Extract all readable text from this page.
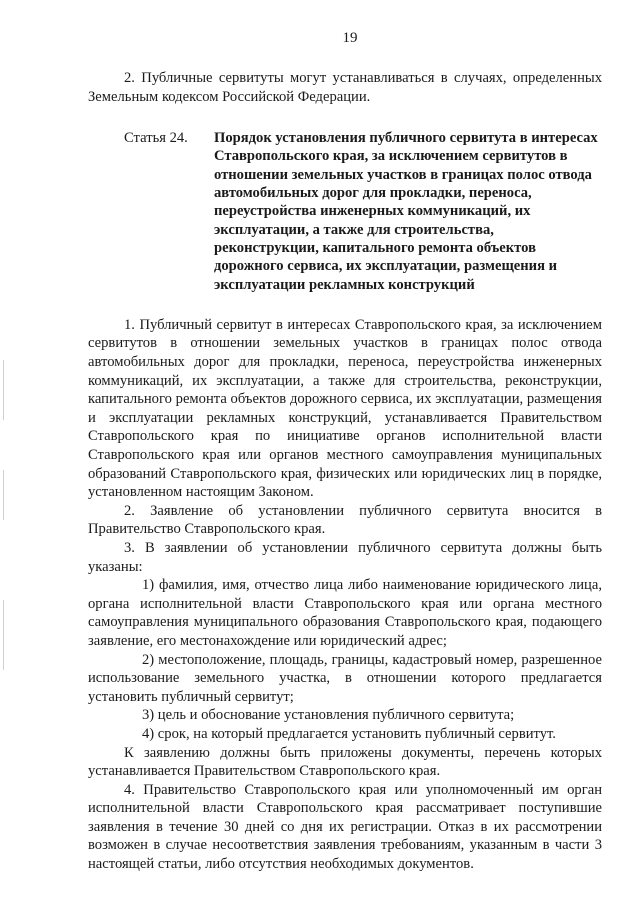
19

2. Публичные сервитуты могут устанавливаться в случаях, определенных Земельным кодексом Российской Федерации.

Статья 24.	Порядок установления публичного сервитута в интересах Ставропольского края, за исключением сервитутов в отношении земельных участков в границах полос отвода автомобильных дорог для прокладки, переноса, переустройства инженерных коммуникаций, их эксплуатации, а также для строительства, реконструкции, капитального ремонта объектов дорожного сервиса, их эксплуатации, размещения и эксплуатации рекламных конструкций

1. Публичный сервитут в интересах Ставропольского края, за исключением сервитутов в отношении земельных участков в границах полос отвода автомобильных дорог для прокладки, переноса, переустройства инженерных коммуникаций, их эксплуатации, а также для строительства, реконструкции, капитального ремонта объектов дорожного сервиса, их эксплуатации, размещения и эксплуатации рекламных конструкций, устанавливается Правительством Ставропольского края по инициативе органов исполнительной власти Ставропольского края или органов местного самоуправления муниципальных образований Ставропольского края, физических или юридических лиц в порядке, установленном настоящим Законом.

2. Заявление об установлении публичного сервитута вносится в Правительство Ставропольского края.

3. В заявлении об установлении публичного сервитута должны быть указаны:

1) фамилия, имя, отчество лица либо наименование юридического лица, органа исполнительной власти Ставропольского края или органа местного самоуправления муниципального образования Ставропольского края, подающего заявление, его местонахождение или юридический адрес;

2) местоположение, площадь, границы, кадастровый номер, разрешенное использование земельного участка, в отношении которого предлагается установить публичный сервитут;

3) цель и обоснование установления публичного сервитута;

4) срок, на который предлагается установить публичный сервитут.

К заявлению должны быть приложены документы, перечень которых устанавливается Правительством Ставропольского края.

4. Правительство Ставропольского края или уполномоченный им орган исполнительной власти Ставропольского края рассматривает поступившие заявления в течение 30 дней со дня их регистрации. Отказ в их рассмотрении возможен в случае несоответствия заявления требованиям, указанным в части 3 настоящей статьи, либо отсутствия необходимых документов.
